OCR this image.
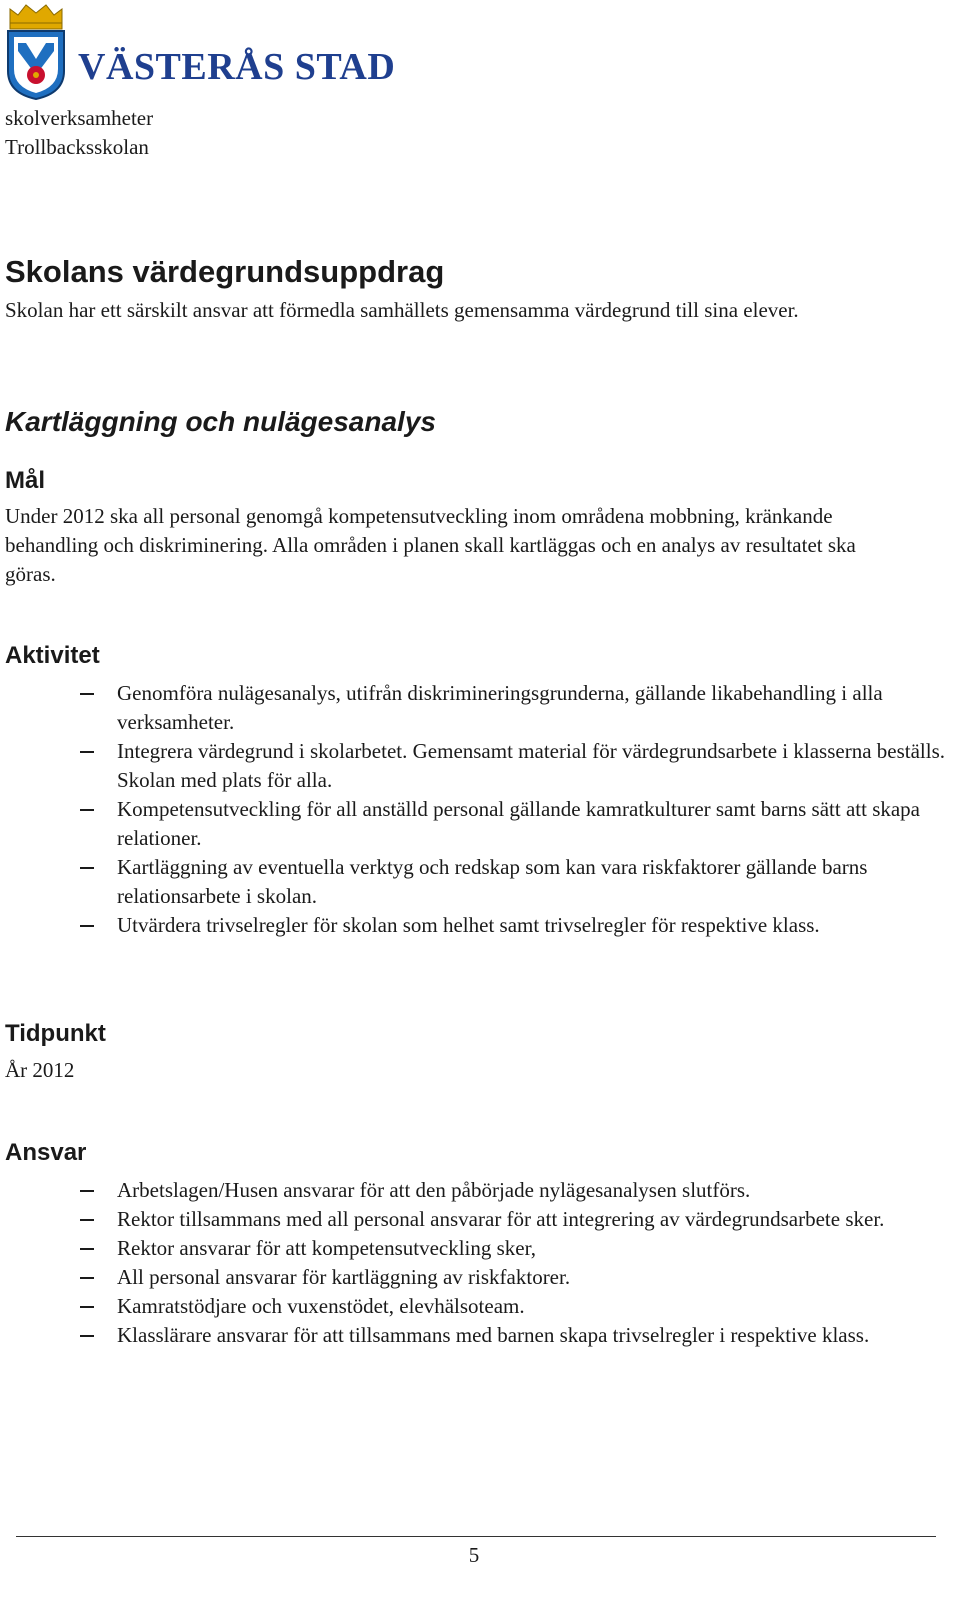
VÄSTERÅS STAD
skolverksamheter
Trollbacksskolan
Skolans värdegrundsuppdrag
Skolan har ett särskilt ansvar att förmedla samhällets gemensamma värdegrund till sina elever.
Kartläggning och nulägesanalys
Mål
Under 2012 ska all personal genomgå kompetensutveckling inom områdena mobbning, kränkande behandling och diskriminering. Alla områden i planen skall kartläggas och en analys av resultatet ska göras.
Aktivitet
Genomföra nulägesanalys, utifrån diskrimineringsgrunderna, gällande likabehandling i alla verksamheter.
Integrera värdegrund i skolarbetet. Gemensamt material för värdegrundsarbete i klasserna beställs. Skolan med plats för alla.
Kompetensutveckling för all anställd personal gällande kamratkulturer samt barns sätt att skapa relationer.
Kartläggning av eventuella verktyg och redskap som kan vara riskfaktorer gällande barns relationsarbete i skolan.
Utvärdera trivselregler för skolan som helhet samt trivselregler för respektive klass.
Tidpunkt
År 2012
Ansvar
Arbetslagen/Husen ansvarar för att den påbörjade nylägesanalysen slutförs.
Rektor tillsammans med all personal ansvarar för att integrering av värdegrundsarbete sker.
Rektor ansvarar för att kompetensutveckling sker,
All personal ansvarar för kartläggning av riskfaktorer.
Kamratstödjare och vuxenstödet, elevhälsoteam.
Klasslärare ansvarar för att tillsammans med barnen skapa trivselregler i respektive klass.
5
